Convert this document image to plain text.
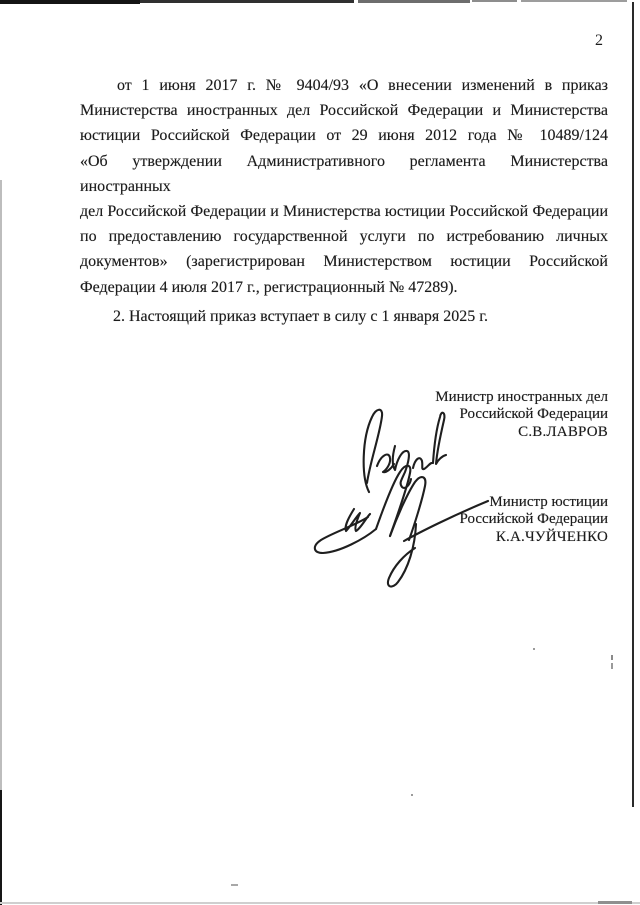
2
от 1 июня 2017 г. № 9404/93 «О внесении изменений в приказ
Министерства иностранных дел Российской Федерации и Министерства
юстиции Российской Федерации от 29 июня 2012 года № 10489/124
«Об утверждении Административного регламента Министерства иностранных
дел Российской Федерации и Министерства юстиции Российской Федерации
по предоставлению государственной услуги по истребованию личных
документов» (зарегистрирован Министерством юстиции Российской
Федерации 4 июля 2017 г., регистрационный № 47289).
2. Настоящий приказ вступает в силу с 1 января 2025 г.
Министр иностранных дел
Российской Федерации
С.В.ЛАВРОВ
Министр юстиции
Российской Федерации
К.А.ЧУЙЧЕНКО
